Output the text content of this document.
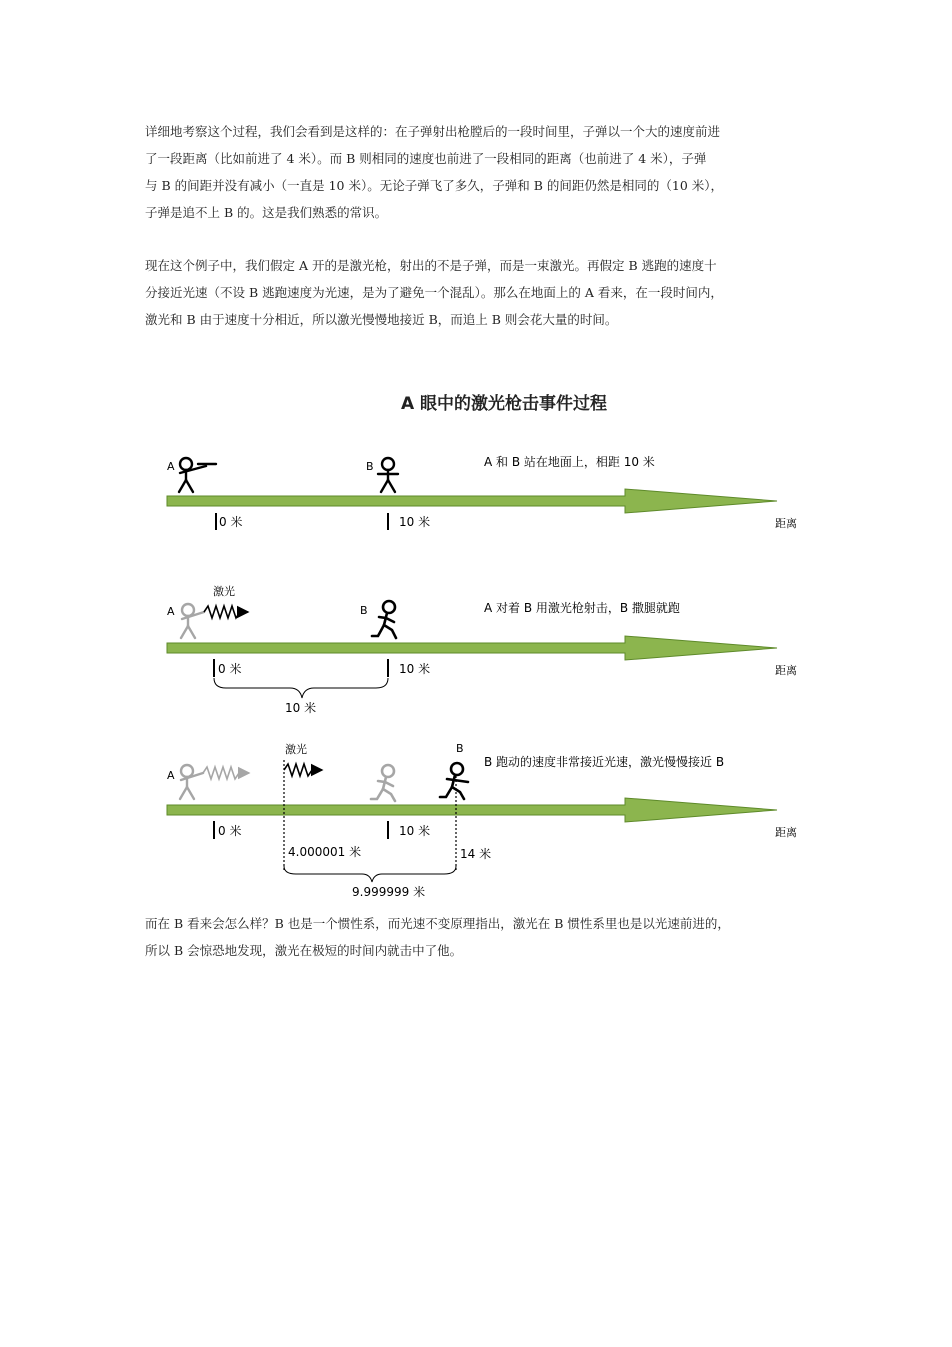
详细地考察这个过程，我们会看到是这样的：在子弹射出枪膛后的一段时间里，子弹以一个大的速度前进
了一段距离（比如前进了 4 米）。而 B 则相同的速度也前进了一段相同的距离（也前进了 4 米），子弹
与 B 的间距并没有减小（一直是 10 米）。无论子弹飞了多久，子弹和 B 的间距仍然是相同的（10 米），
子弹是追不上 B 的。这是我们熟悉的常识。
现在这个例子中，我们假定 A 开的是激光枪，射出的不是子弹，而是一束激光。再假定 B 逃跑的速度十
分接近光速（不设 B 逃跑速度为光速，是为了避免一个混乱）。那么在地面上的 A 看来，在一段时间内，
激光和 B 由于速度十分相近，所以激光慢慢地接近 B，而追上 B 则会花大量的时间。
A 眼中的激光枪击事件过程
A	B	A 和 B 站在地面上，相距 10 米
0 米	10 米	距离
A
激光
B	A 对着 B 用激光枪射击，B 撒腿就跑
0 米	10 米	距离
10 米
A
激光	B
B 跑动的速度非常接近光速，激光慢慢接近 B
0 米	10 米	距离
4.000001 米	14 米
9.999999 米
而在 B 看来会怎么样？B 也是一个惯性系，而光速不变原理指出，激光在 B 惯性系里也是以光速前进的，
所以 B 会惊恐地发现，激光在极短的时间内就击中了他。
